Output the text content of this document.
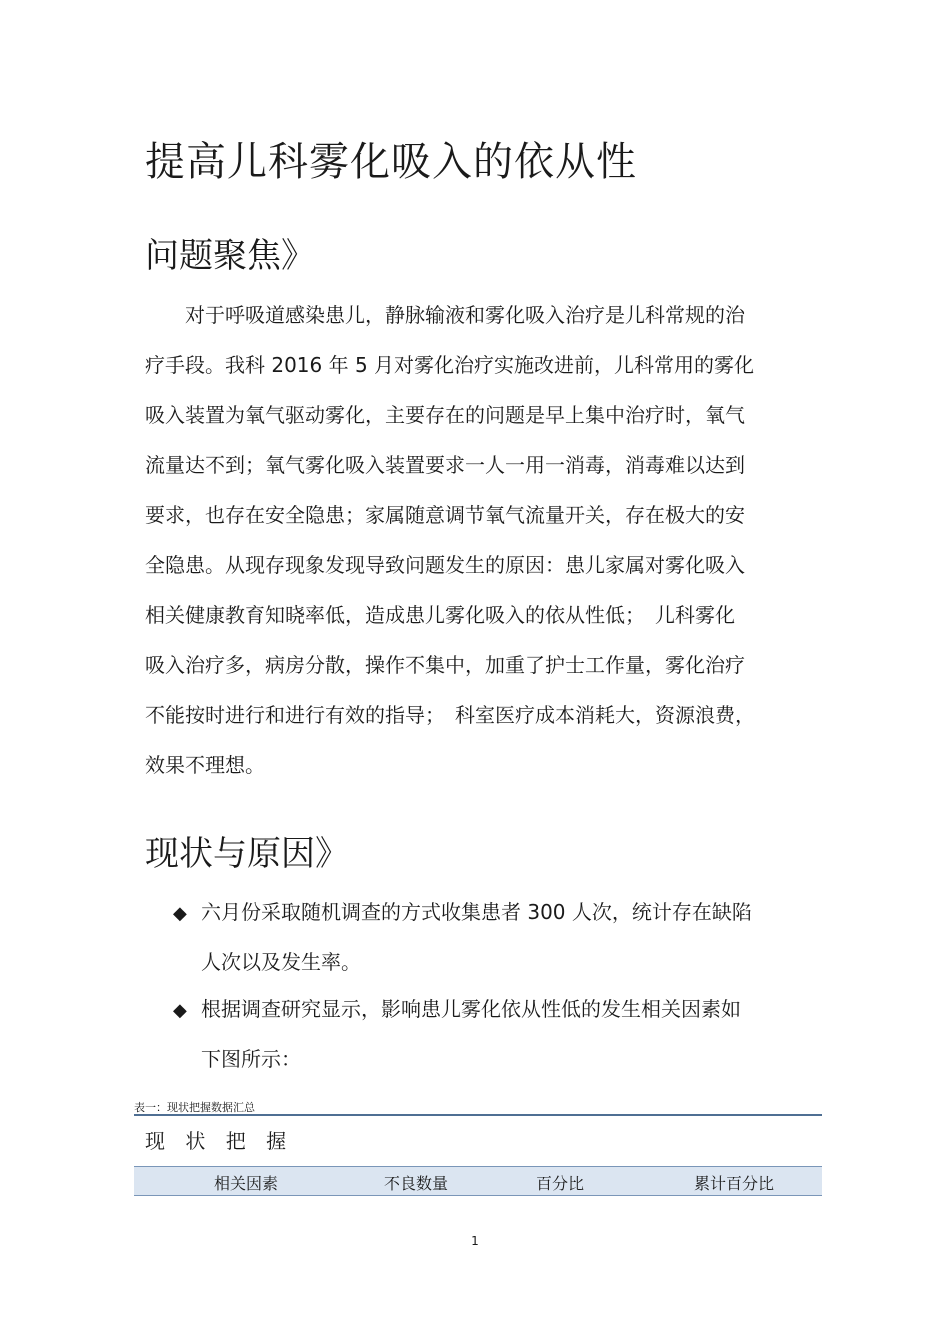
提高儿科雾化吸入的依从性
问题聚焦》
　　对于呼吸道感染患儿，静脉输液和雾化吸入治疗是儿科常规的治
疗手段。我科 2016 年 5 月对雾化治疗实施改进前，儿科常用的雾化
吸入装置为氧气驱动雾化，主要存在的问题是早上集中治疗时，氧气
流量达不到；氧气雾化吸入装置要求一人一用一消毒，消毒难以达到
要求，也存在安全隐患；家属随意调节氧气流量开关，存在极大的安
全隐患。从现存现象发现导致问题发生的原因：患儿家属对雾化吸入
相关健康教育知晓率低，造成患儿雾化吸入的依从性低；　儿科雾化
吸入治疗多，病房分散，操作不集中，加重了护士工作量，雾化治疗
不能按时进行和进行有效的指导；　科室医疗成本消耗大，资源浪费，
效果不理想。
现状与原因》
◆ 六月份采取随机调查的方式收集患者 300 人次，统计存在缺陷
人次以及发生率。
◆ 根据调查研究显示，影响患儿雾化依从性低的发生相关因素如
下图所示：
表一：现状把握数据汇总
现 状 把 握
相关因素	不良数量	百分比	累计百分比
1
